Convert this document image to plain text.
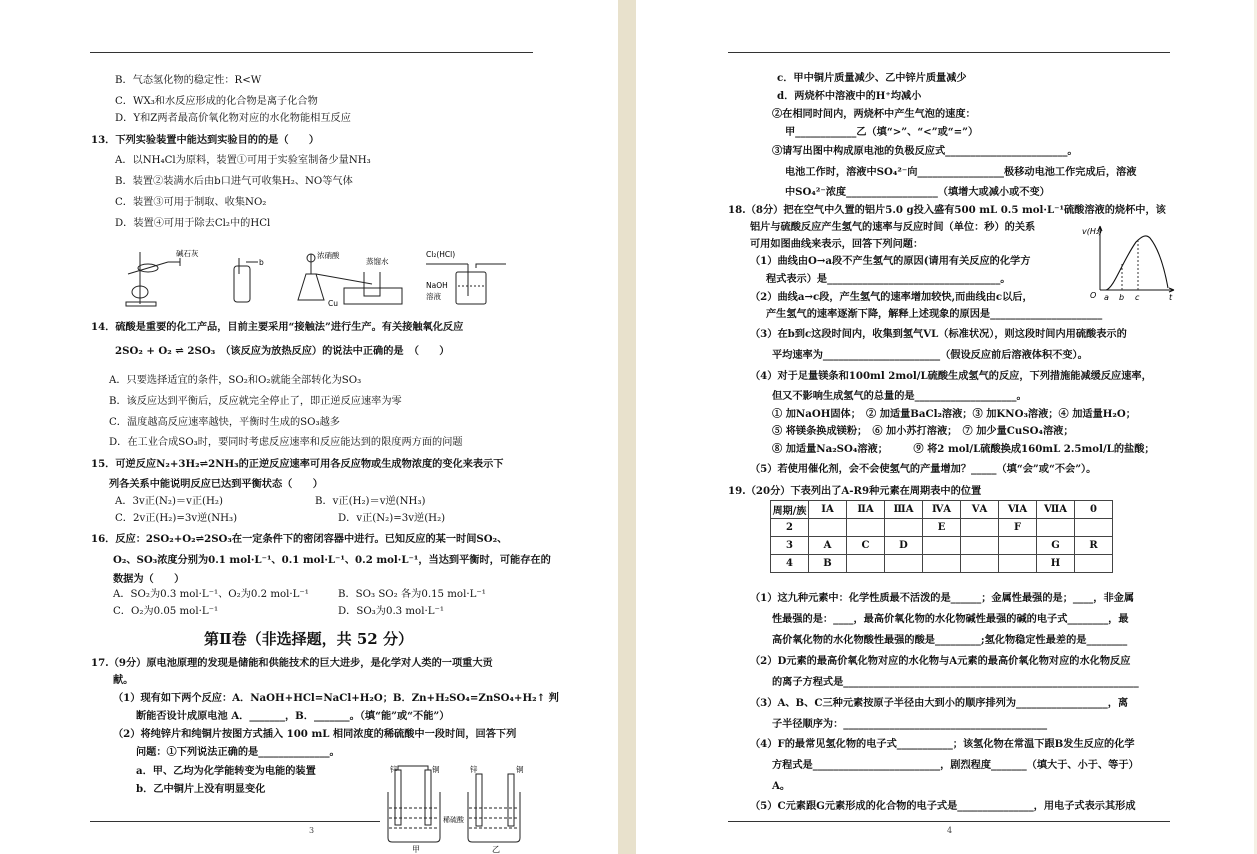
B．气态氢化物的稳定性：R<W
C．WX₃和水反应形成的化合物是离子化合物
D．Y和Z两者最高价氧化物对应的水化物能相互反应
13．下列实验装置中能达到实验目的的是（　　）
A．以NH₄Cl为原料，装置①可用于实验室制备少量NH₃
B．装置②装满水后由b口进气可收集H₂、NO等气体
C．装置③可用于制取、收集NO₂
D．装置④可用于除去Cl₂中的HCl
碱石灰
b
浓硝酸
蒸馏水
Cu
Cl₂(HCl)
NaOH
溶液
14．硫酸是重要的化工产品，目前主要采用“接触法”进行生产。有关接触氧化反应
2SO₂ + O₂ ⇌ 2SO₃　（该反应为放热反应）的说法中正确的是　（　　）
A．只要选择适宜的条件，SO₂和O₂就能全部转化为SO₃
B．该反应达到平衡后，反应就完全停止了，即正逆反应速率为零
C．温度越高反应速率越快，平衡时生成的SO₃越多
D．在工业合成SO₃时，要同时考虑反应速率和反应能达到的限度两方面的问题
15．可逆反应N₂+3H₂⇌2NH₃的正逆反应速率可用各反应物或生成物浓度的变化来表示下
列各关系中能说明反应已达到平衡状态（　　）
A．3v正(N₂)＝v正(H₂)	B．v正(H₂)＝v逆(NH₃)
C．2v正(H₂)=3v逆(NH₃)	D．v正(N₂)=3v逆(H₂)
16．反应：2SO₂+O₂⇌2SO₃在一定条件下的密闭容器中进行。已知反应的某一时间SO₂、
O₂、SO₃浓度分别为0.1 mol·L⁻¹、0.1 mol·L⁻¹、0.2 mol·L⁻¹，当达到平衡时，可能存在的
数据为（　　）
A．SO₂为0.3 mol·L⁻¹、O₂为0.2 mol·L⁻¹	B．SO₃ SO₂ 各为0.15 mol·L⁻¹
C．O₂为0.05 mol·L⁻¹	D．SO₃为0.3 mol·L⁻¹
第Ⅱ卷（非选择题，共 52 分）
17.（9分）原电池原理的发现是储能和供能技术的巨大进步，是化学对人类的一项重大贡
献。
（1）现有如下两个反应：A．NaOH+HCl=NaCl+H₂O；B．Zn+H₂SO₄=ZnSO₄+H₂↑ 判
断能否设计成原电池 A．_______，B．_______。（填“能”或“不能”）
（2）将纯锌片和纯铜片按图方式插入 100 mL 相同浓度的稀硫酸中一段时间，回答下列
问题：①下列说法正确的是______________。
a．甲、乙均为化学能转变为电能的装置
b．乙中铜片上没有明显变化
锌	铜	锌	铜
稀硫酸
甲	乙
3
c．甲中铜片质量减少、乙中锌片质量减少
d．两烧杯中溶液中的H⁺均减小
②在相同时间内，两烧杯中产生气泡的速度：
甲____________乙（填“>”、“<”或“=”）
③请写出图中构成原电池的负极反应式________________________。
电池工作时，溶液中SO₄²⁻向_________________极移动电池工作完成后，溶液
中SO₄²⁻浓度__________________（填增大或减小或不变）
18.（8分）把在空气中久置的铝片5.0 g投入盛有500 mL 0.5 mol·L⁻¹硫酸溶液的烧杯中，该
铝片与硫酸反应产生氢气的速率与反应时间（单位：秒）的关系
可用如图曲线来表示，回答下列问题：
（1）曲线由O→a段不产生氢气的原因(请用有关反应的化学方
程式表示）是__________________________________。
（2）曲线a→c段，产生氢气的速率增加较快,而曲线由c以后，
产生氢气的速率逐渐下降，解释上述现象的原因是______________________
v(H₂)
O a b c	t
（3）在b到c这段时间内，收集到氢气VL（标准状况），则这段时间内用硫酸表示的
平均速率为_______________________（假设反应前后溶液体积不变）。
（4）对于足量镁条和100ml 2mol/L硫酸生成氢气的反应，下列措施能减缓反应速率，
但又不影响生成氢气的总量的是____________________。
① 加NaOH固体；　② 加适量BaCl₂溶液；③ 加KNO₃溶液；④ 加适量H₂O；
⑤ 将镁条换成镁粉；　⑥ 加小苏打溶液；　⑦ 加少量CuSO₄溶液；
⑧ 加适量Na₂SO₄溶液；　　　⑨ 将2 mol/L硫酸换成160mL 2.5mol/L的盐酸；
（5）若使用催化剂，会不会使氢气的产量增加？_____（填“会”或“不会”）。
19.（20分）下表列出了A-R9种元素在周期表中的位置
周期/族	ⅠA	ⅡA	ⅢA	ⅣA	ⅤA	ⅥA	ⅦA	0
2				E		F		
3	A	C	D				G	R
4	B						H	
（1）这九种元素中：化学性质最不活泼的是______；金属性最强的是；____，非金属
性最强的是：____，最高价氧化物的水化物碱性最强的碱的电子式________，最
高价氧化物的水化物酸性最强的酸是_________;氢化物稳定性最差的是________
（2）D元素的最高价氧化物对应的水化物与A元素的最高价氧化物对应的水化物反应
的离子方程式是__________________________________________________________
（3）A、B、C三种元素按原子半径由大到小的顺序排列为__________________，离
子半径顺序为：________________________________________
（4）F的最常见氢化物的电子式___________；该氢化物在常温下跟B发生反应的化学
方程式是_________________________，剧烈程度_______（填大于、小于、等于）
A。
（5）C元素跟G元素形成的化合物的电子式是_______________，用电子式表示其形成
4
